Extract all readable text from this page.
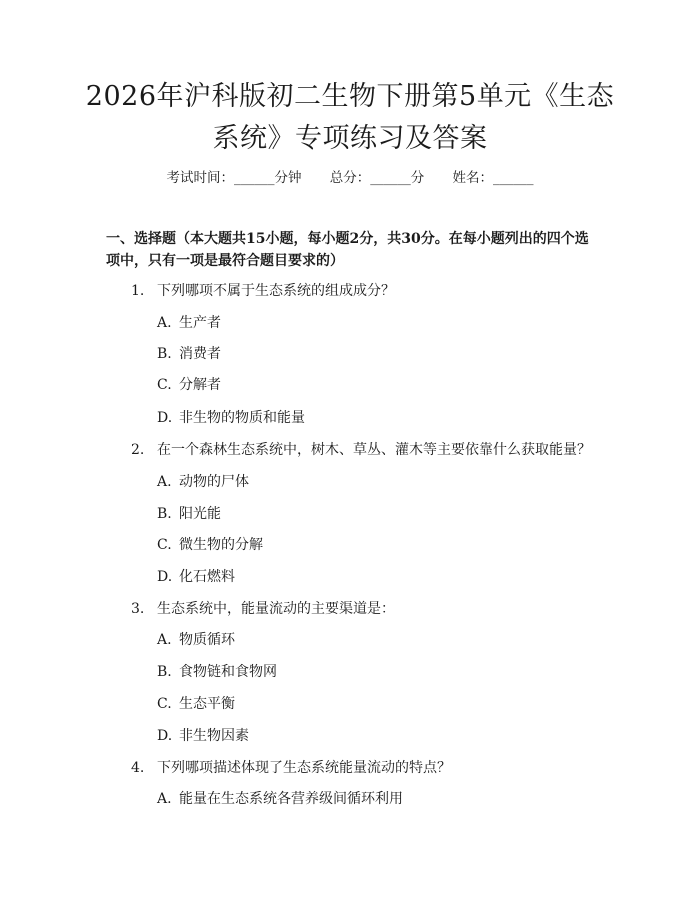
2026年沪科版初二生物下册第5单元《生态
系统》专项练习及答案
考试时间：______分钟 总分：______分 姓名：______
一、选择题（本大题共15小题，每小题2分，共30分。在每小题列出的四个选
项中，只有一项是最符合题目要求的）
1. 下列哪项不属于生态系统的组成成分？
A. 生产者
B. 消费者
C. 分解者
D. 非生物的物质和能量
2. 在一个森林生态系统中，树木、草丛、灌木等主要依靠什么获取能量？
A. 动物的尸体
B. 阳光能
C. 微生物的分解
D. 化石燃料
3. 生态系统中，能量流动的主要渠道是：
A. 物质循环
B. 食物链和食物网
C. 生态平衡
D. 非生物因素
4. 下列哪项描述体现了生态系统能量流动的特点？
A. 能量在生态系统各营养级间循环利用
